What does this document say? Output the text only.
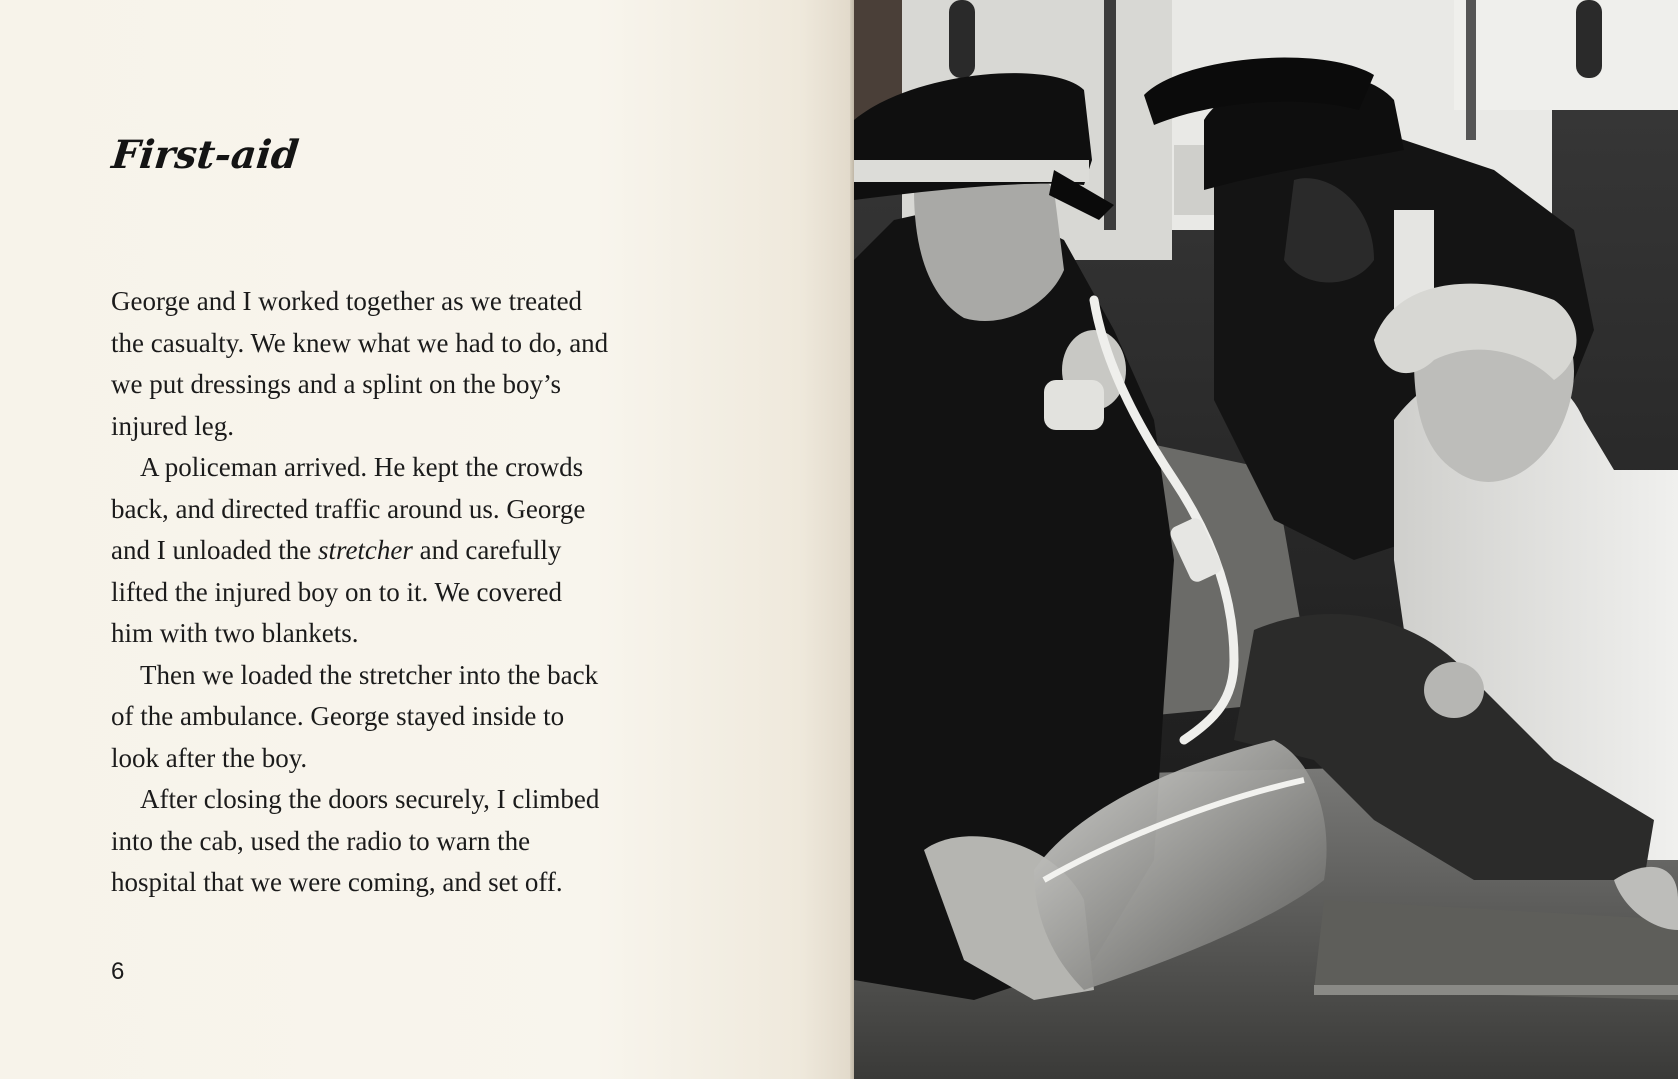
First-aid
George and I worked together as we treated
the casualty. We knew what we had to do, and
we put dressings and a splint on the boy’s
injured leg.
A policeman arrived. He kept the crowds
back, and directed traffic around us. George
and I unloaded the stretcher and carefully
lifted the injured boy on to it. We covered
him with two blankets.
Then we loaded the stretcher into the back
of the ambulance. George stayed inside to
look after the boy.
After closing the doors securely, I climbed
into the cab, used the radio to warn the
hospital that we were coming, and set off.
6
